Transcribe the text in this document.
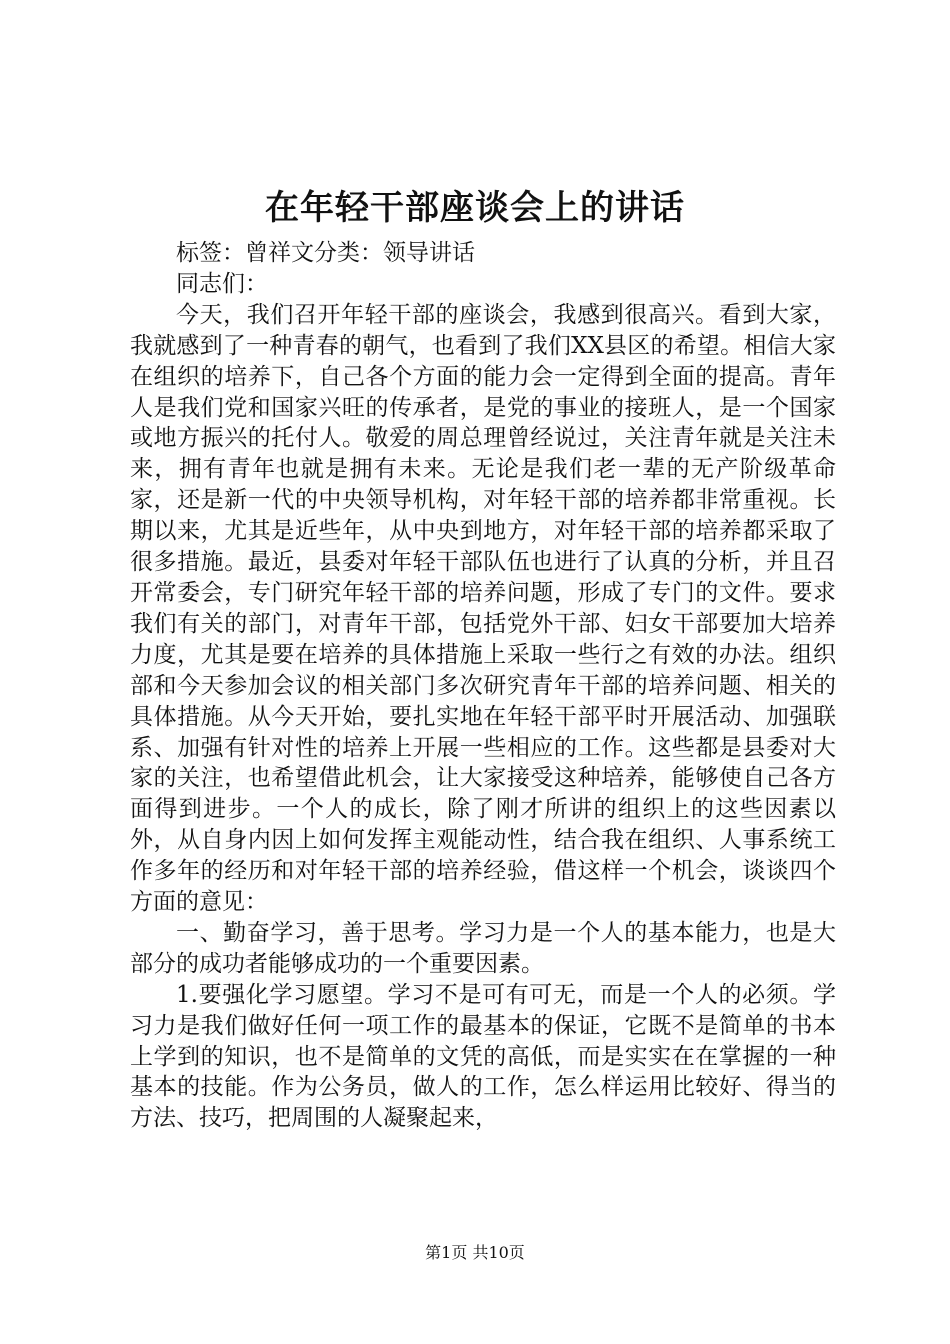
在年轻干部座谈会上的讲话

标签：曾祥文分类：领导讲话

同志们：

今天，我们召开年轻干部的座谈会，我感到很高兴。看到大家，我就感到了一种青春的朝气，也看到了我们XX县区的希望。相信大家在组织的培养下，自己各个方面的能力会一定得到全面的提高。青年人是我们党和国家兴旺的传承者，是党的事业的接班人，是一个国家或地方振兴的托付人。敬爱的周总理曾经说过，关注青年就是关注未来，拥有青年也就是拥有未来。无论是我们老一辈的无产阶级革命家，还是新一代的中央领导机构，对年轻干部的培养都非常重视。长期以来，尤其是近些年，从中央到地方，对年轻干部的培养都采取了很多措施。最近，县委对年轻干部队伍也进行了认真的分析，并且召开常委会，专门研究年轻干部的培养问题，形成了专门的文件。要求我们有关的部门，对青年干部，包括党外干部、妇女干部要加大培养力度，尤其是要在培养的具体措施上采取一些行之有效的办法。组织部和今天参加会议的相关部门多次研究青年干部的培养问题、相关的具体措施。从今天开始，要扎实地在年轻干部平时开展活动、加强联系、加强有针对性的培养上开展一些相应的工作。这些都是县委对大家的关注，也希望借此机会，让大家接受这种培养，能够使自己各方面得到进步。一个人的成长，除了刚才所讲的组织上的这些因素以外，从自身内因上如何发挥主观能动性，结合我在组织、人事系统工作多年的经历和对年轻干部的培养经验，借这样一个机会，谈谈四个方面的意见：

一、勤奋学习，善于思考。学习力是一个人的基本能力，也是大部分的成功者能够成功的一个重要因素。

1.要强化学习愿望。学习不是可有可无，而是一个人的必须。学习力是我们做好任何一项工作的最基本的保证，它既不是简单的书本上学到的知识，也不是简单的文凭的高低，而是实实在在掌握的一种基本的技能。作为公务员，做人的工作，怎么样运用比较好、得当的方法、技巧，把周围的人凝聚起来，

第1页 共10页
